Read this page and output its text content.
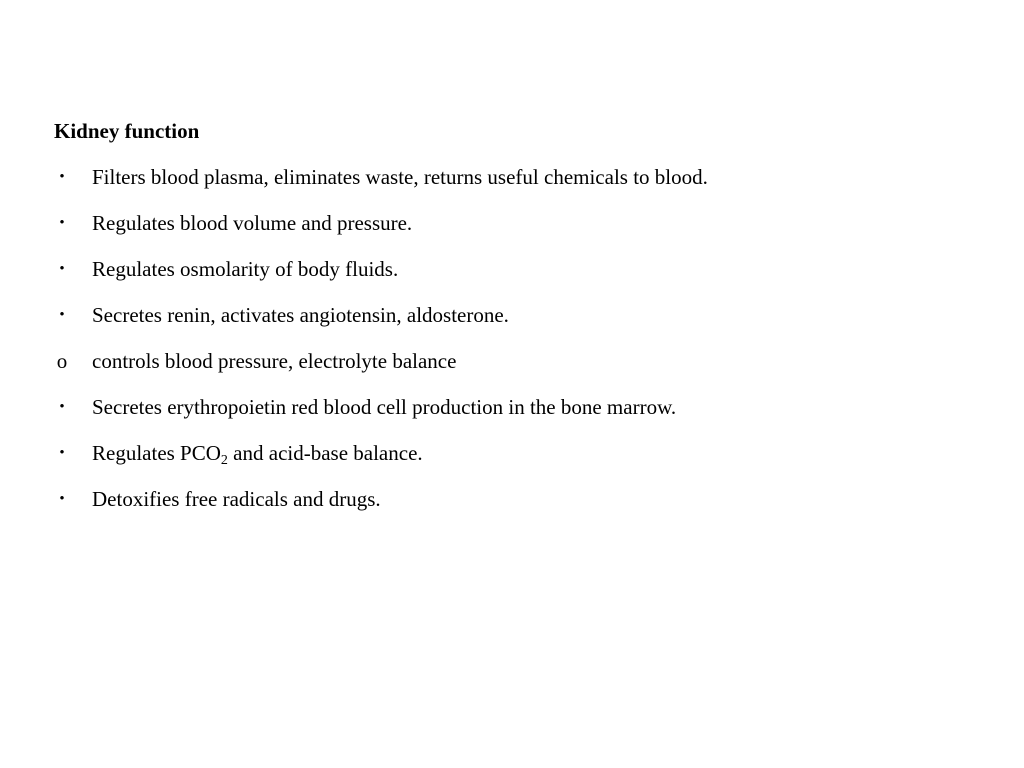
Kidney function
• Filters blood plasma, eliminates waste, returns useful chemicals to blood.
• Regulates blood volume and pressure.
• Regulates osmolarity of body fluids.
• Secretes renin, activates angiotensin, aldosterone.
o controls blood pressure, electrolyte balance
• Secretes erythropoietin red blood cell production in the bone marrow.
• Regulates $PCO_2$ and acid-base balance.
• Detoxifies free radicals and drugs.
